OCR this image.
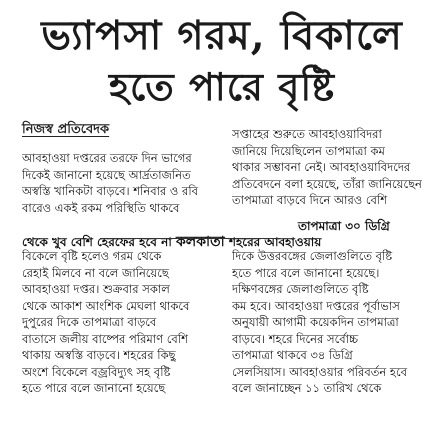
ভ্যাপসা গরম, বিকালে
হতে পারে বৃষ্টি
নিজস্ব প্রতিবেদক	সপ্তাহের শুরুতে আবহাওয়াবিদরা

জানিয়ে দিয়েছিলেন তাপমাত্রা কম

থাকার সম্ভাবনা নেই। আবহাওয়াবিদদের

প্রতিবেদনে বলা হয়েছে, তাঁরা জানিয়েছেন

তাপমাত্রা বাড়বে দিনে আরও বেশি

আবহাওয়া দপ্তরের তরফে দিন ভাগের

দিকেই জানানো হয়েছে আর্দ্রতাজনিত

অস্বস্তি খানিকটা বাড়বে। শনিবার ও রবি

বারেও একই রকম পরিস্থিতি থাকবে

তাপমাত্রা ৩০ ডিগ্রি

থেকে খুব বেশি হেরফের হবে না কলকাতা শহরের আবহাওয়ায়

বিকেলে বৃষ্টি হলেও গরম থেকে

রেহাই মিলবে না বলে জানিয়েছে

আবহাওয়া দপ্তর। শুক্রবার সকাল

থেকে আকাশ আংশিক মেঘলা থাকবে

দুপুরের দিকে তাপমাত্রা বাড়বে

বাতাসে জলীয় বাষ্পের পরিমাণ বেশি

থাকায় অস্বস্তি বাড়বে। শহরের কিছু

অংশে বিকেলে বজ্রবিদ্যুৎ সহ বৃষ্টি

হতে পারে বলে জানানো হয়েছে

দিকে উত্তরবঙ্গের জেলাগুলিতে বৃষ্টি

হতে পারে বলে জানানো হয়েছে।

দক্ষিণবঙ্গের জেলাগুলিতে বৃষ্টি

কম হবে। আবহাওয়া দপ্তরের পূর্বাভাস

অনুযায়ী আগামী কয়েকদিন তাপমাত্রা

বাড়বে। শহরে দিনের সর্বোচ্চ

তাপমাত্রা থাকবে ৩৪ ডিগ্রি

সেলসিয়াস। আবহাওয়ার পরিবর্তন হবে

বলে জানাচ্ছেন ১১ তারিখ থেকে
